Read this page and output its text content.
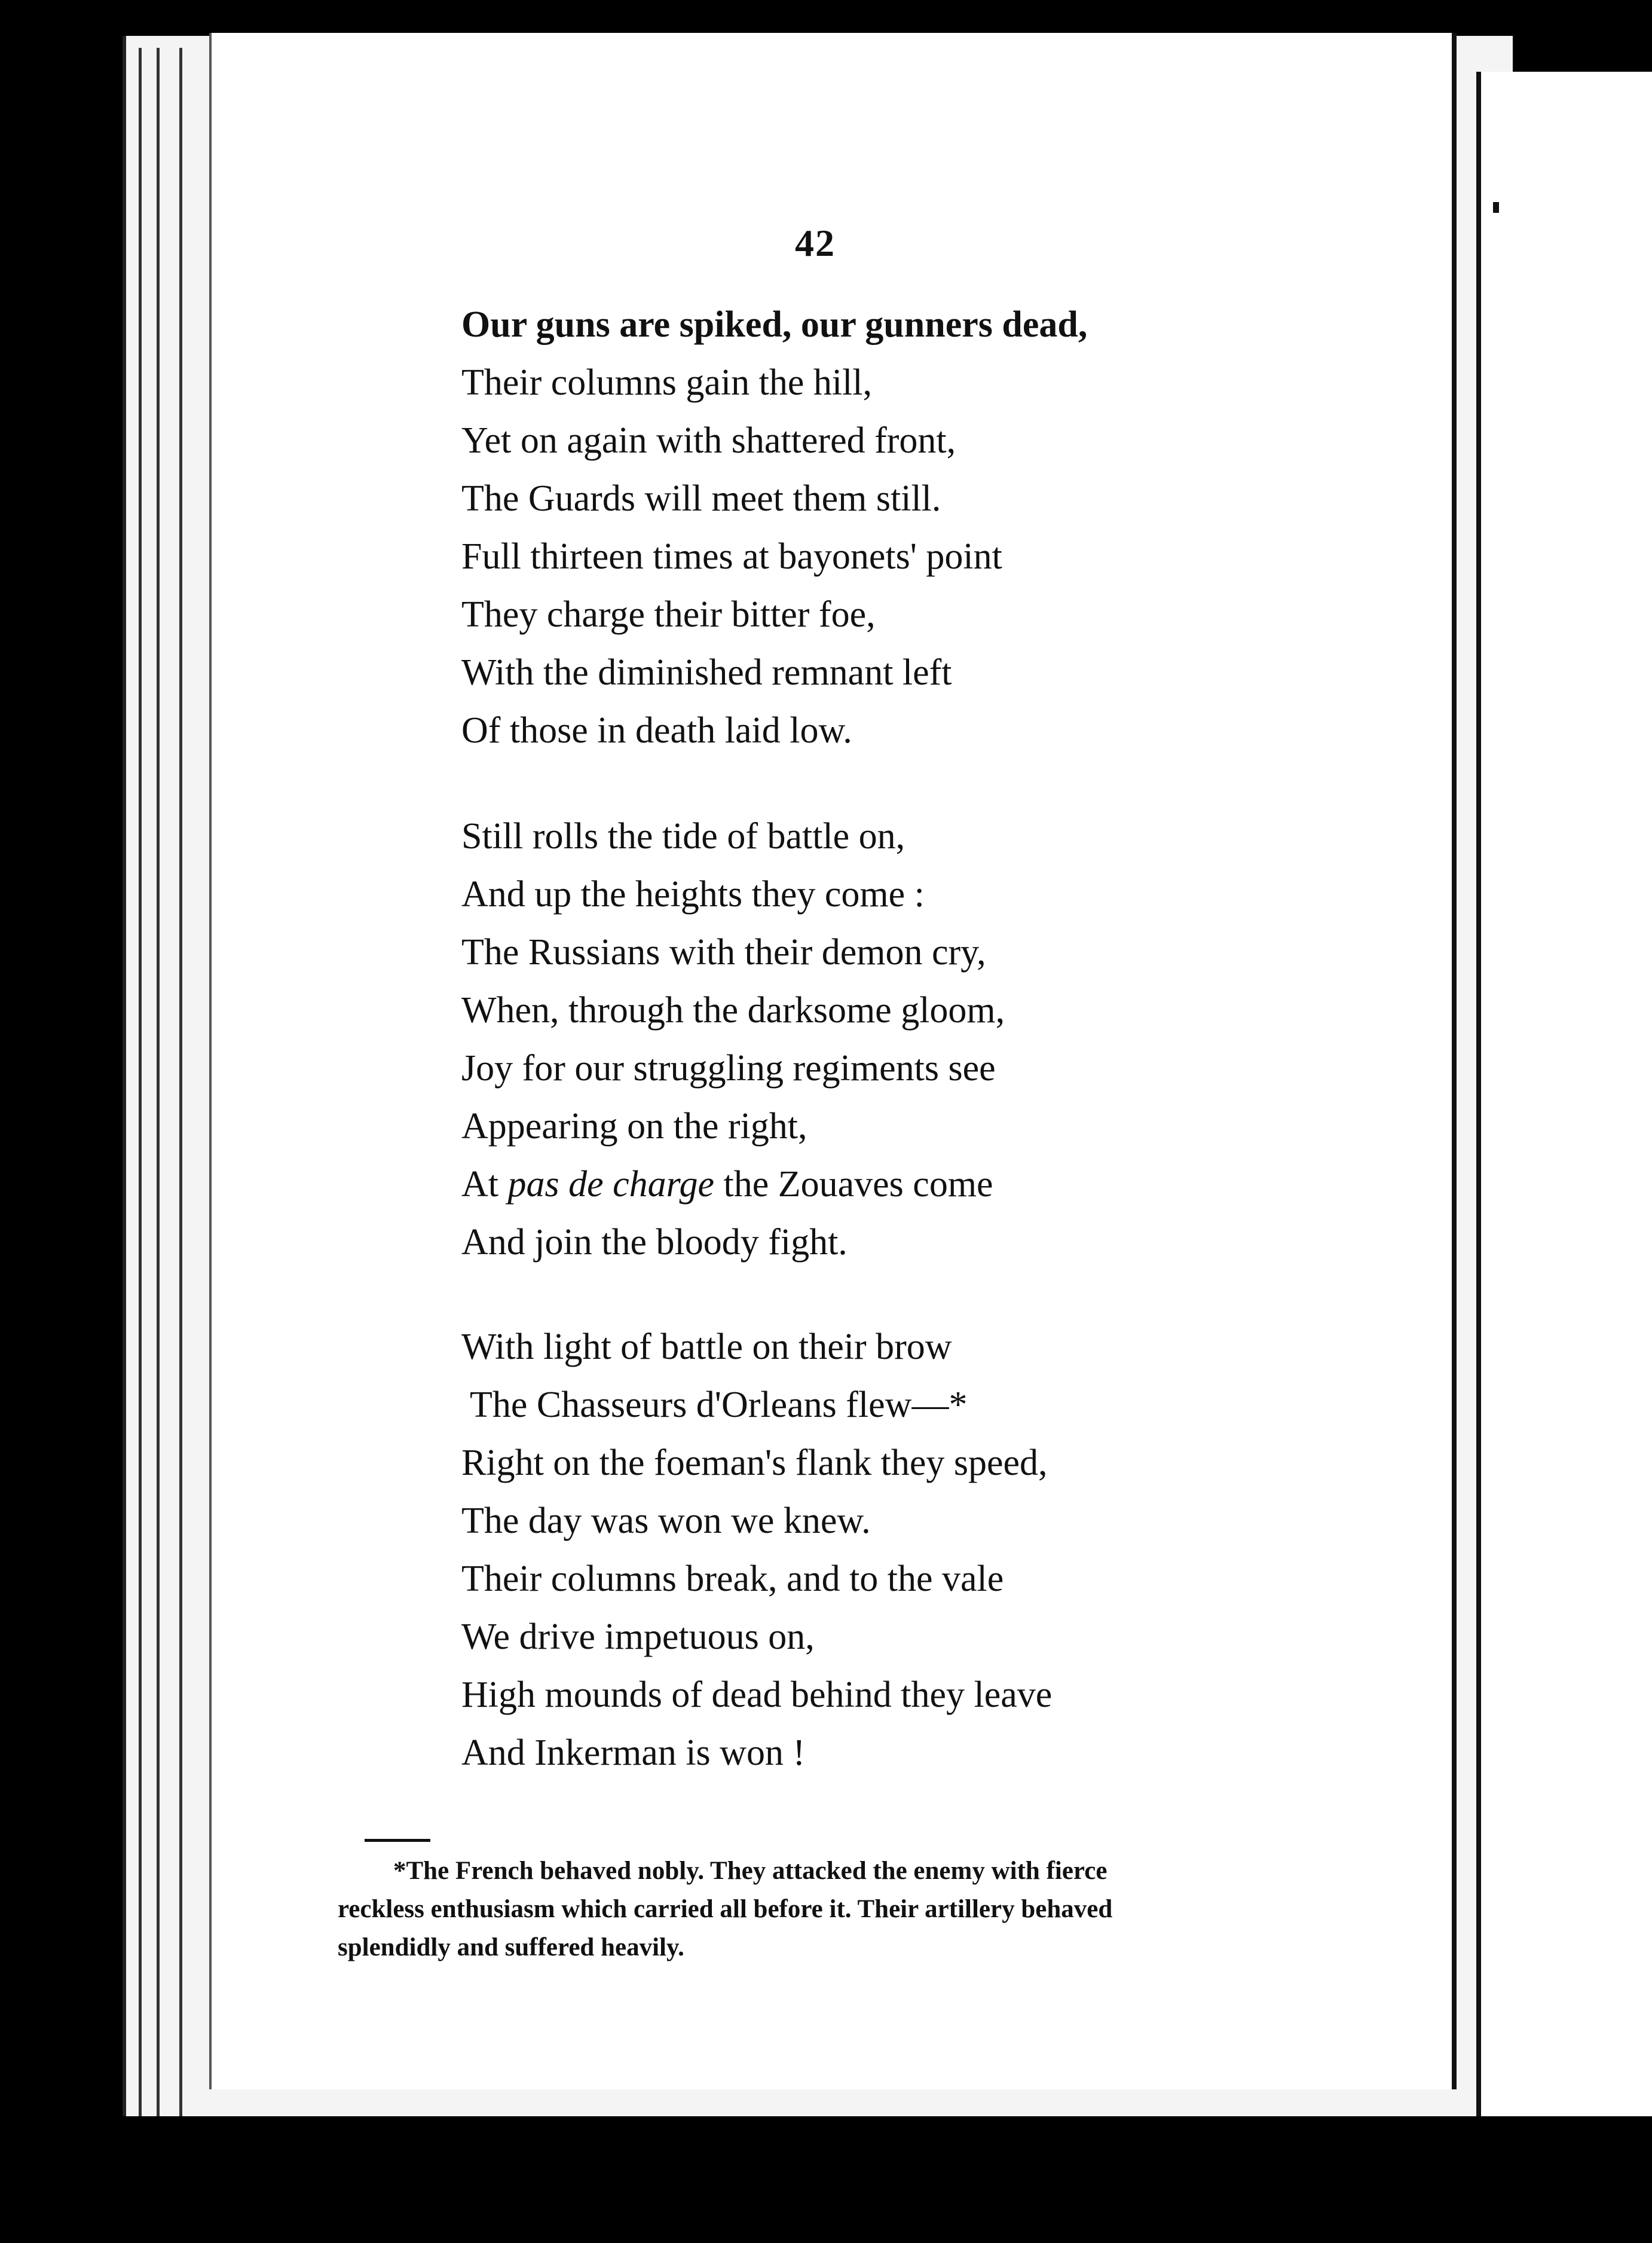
42
Our guns are spiked, our gunners dead,
Their columns gain the hill,
Yet on again with shattered front,
The Guards will meet them still.
Full thirteen times at bayonets' point
They charge their bitter foe,
With the diminished remnant left
Of those in death laid low.
Still rolls the tide of battle on,
And up the heights they come :
The Russians with their demon cry,
When, through the darksome gloom,
Joy for our struggling regiments see
Appearing on the right,
At pas de charge the Zouaves come
And join the bloody fight.
With light of battle on their brow
The Chasseurs d'Orleans flew—*
Right on the foeman's flank they speed,
The day was won we knew.
Their columns break, and to the vale
We drive impetuous on,
High mounds of dead behind they leave
And Inkerman is won !
*The French behaved nobly. They attacked the enemy with fierce
reckless enthusiasm which carried all before it. Their artillery behaved
splendidly and suffered heavily.
